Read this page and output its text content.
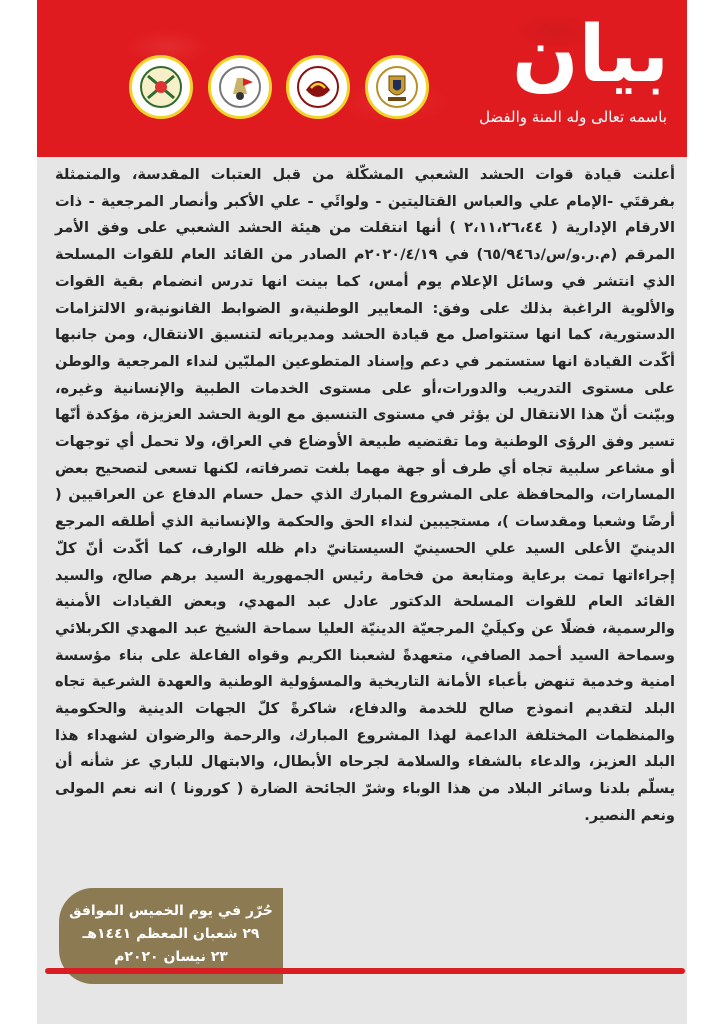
بيان
باسمه تعالى وله المنة والفضل
أعلنت قيادة قوات الحشد الشعبي المشكّلة من قبل العتبات المقدسة، والمتمثلة بفرقتَي -الإمام علي والعباس القتاليتين - ولوائَي - علي الأكبر وأنصار المرجعية - ذات الارقام الإدارية ( ٢،١١،٢٦،٤٤ ) أنها انتقلت من هيئة الحشد الشعبي على وفق الأمر المرقم (م.ر.و/س/د٦٥/٩٤٦) في ٢٠٢٠/٤/١٩م الصادر من القائد العام للقوات المسلحة الذي انتشر في وسائل الإعلام يوم أمس، كما بينت انها تدرس انضمام بقية القوات والألوية الراغبة بذلك على وفق: المعايير الوطنية،و الضوابط القانونية،و الالتزامات الدستورية، كما انها ستتواصل مع قيادة الحشد ومديرياته لتنسيق الانتقال، ومن جانبها أكّدت القيادة انها ستستمر في دعم وإسناد المتطوعين الملبّين لنداء المرجعية والوطن على مستوى التدريب والدورات،أو على مستوى الخدمات الطبية والإنسانية وغيره، وبيّنت أنّ هذا الانتقال لن يؤثر في مستوى التنسيق مع الوية الحشد العزيزة، مؤكدة أنّها تسير وفق الرؤى الوطنية وما تقتضيه طبيعة الأوضاع في العراق، ولا تحمل أي توجهات أو مشاعر سلبية تجاه أي طرف أو جهة مهما بلغت تصرفاته، لكنها تسعى لتصحيح بعض المسارات، والمحافظة على المشروع المبارك الذي حمل حسام الدفاع عن العراقيين ( أرضًا وشعبا ومقدسات )، مستجيبين لنداء الحق والحكمة والإنسانية الذي أطلقه المرجع الدينيّ الأعلى السيد علي الحسينيّ السيستانيّ دام ظله الوارف، كما أكّدت أنّ كلّ إجراءاتها تمت برعاية ومتابعة من فخامة رئيس الجمهورية السيد برهم صالح، والسيد القائد العام للقوات المسلحة الدكتور عادل عبد المهدي، وبعض القيادات الأمنية والرسمية، فضلًا عن وكيلَيْ المرجعيّة الدينيّة العليا سماحة الشيخ عبد المهدي الكربلائي وسماحة السيد أحمد الصافي، متعهدةً لشعبنا الكريم وقواه الفاعلة على بناء مؤسسة امنية وخدمية تنهض بأعباء الأمانة التاريخية والمسؤولية الوطنية والعهدة الشرعية تجاه البلد لتقديم انموذج صالح للخدمة والدفاع، شاكرةً كلّ الجهات الدينية والحكومية والمنظمات المختلفة الداعمة لهذا المشروع المبارك، والرحمة والرضوان لشهداء هذا البلد العزيز، والدعاء بالشفاء والسلامة لجرحاه الأبطال، والابتهال للباري عز شأنه أن يسلّم بلدنا وسائر البلاد من هذا الوباء وشرّ الجائحة الضارة ( كورونا ) انه نعم المولى ونعم النصير.
حُرّر في يوم الخميس الموافق
٢٩ شعبان المعظم ١٤٤١هـ
٢٣ نيسان ٢٠٢٠م
